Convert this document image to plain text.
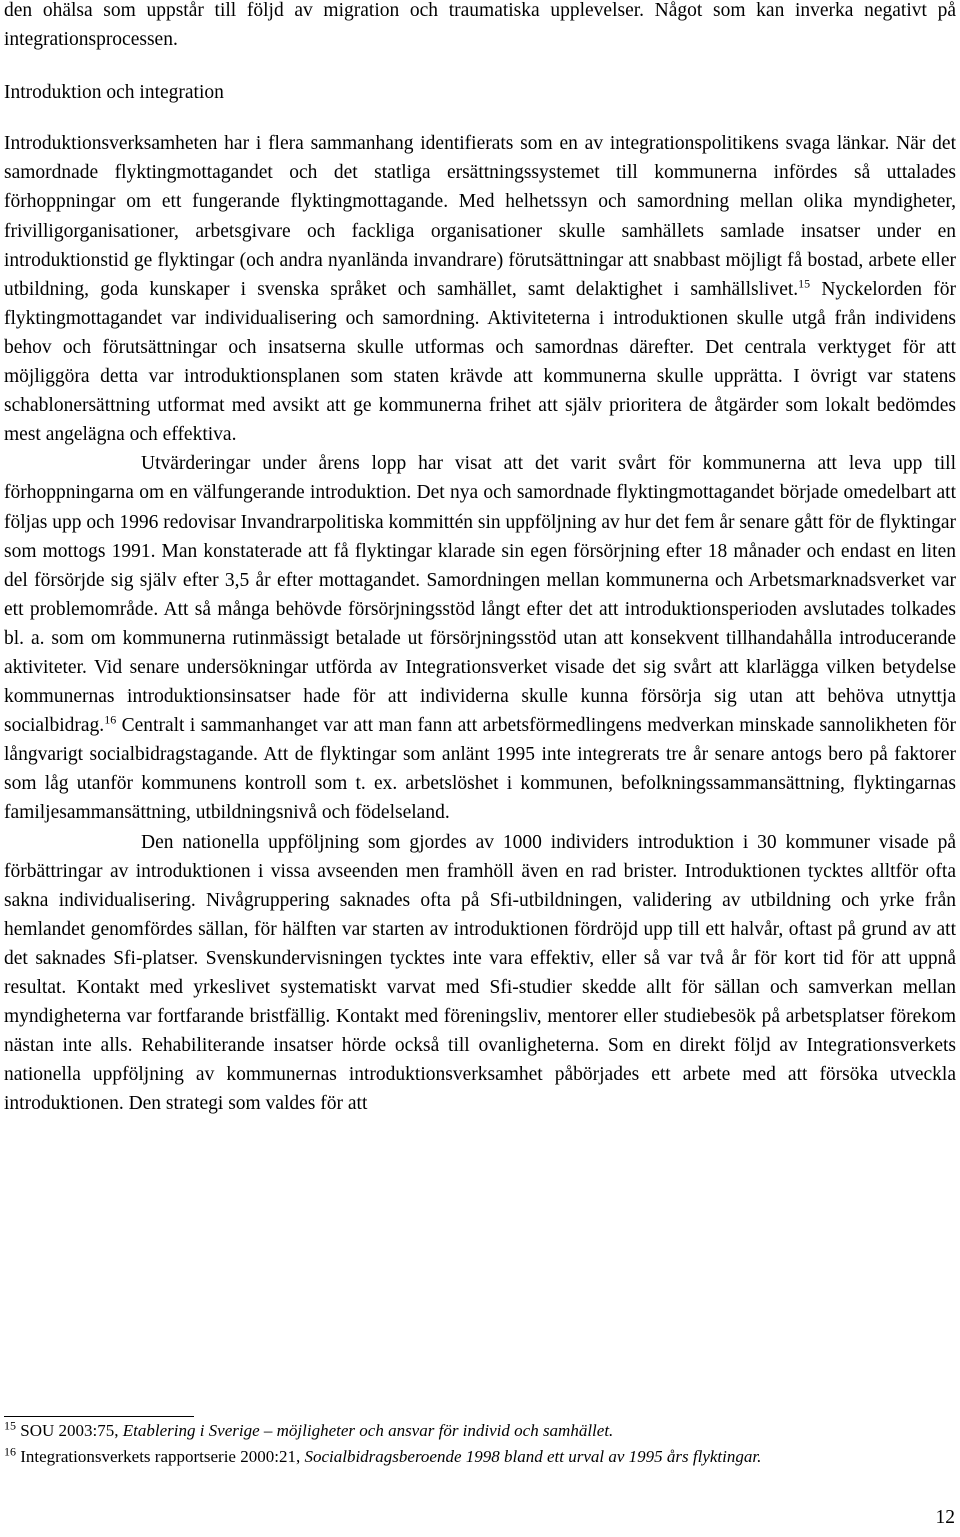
den ohälsa som uppstår till följd av migration och traumatiska upplevelser. Något som kan inverka negativt på integrationsprocessen.

Introduktion och integration

Introduktionsverksamheten har i flera sammanhang identifierats som en av integrationspolitikens svaga länkar. När det samordnade flyktingmottagandet och det statliga ersättningssystemet till kommunerna infördes så uttalades förhoppningar om ett fungerande flyktingmottagande. Med helhetssyn och samordning mellan olika myndigheter, frivilligorganisationer, arbetsgivare och fackliga organisationer skulle samhällets samlade insatser under en introduktionstid ge flyktingar (och andra nyanlända invandrare) förutsättningar att snabbast möjligt få bostad, arbete eller utbildning, goda kunskaper i svenska språket och samhället, samt delaktighet i samhällslivet.$^{15}$ Nyckelorden för flyktingmottagandet var individualisering och samordning. Aktiviteterna i introduktionen skulle utgå från individens behov och förutsättningar och insatserna skulle utformas och samordnas därefter. Det centrala verktyget för att möjliggöra detta var introduktionsplanen som staten krävde att kommunerna skulle upprätta. I övrigt var statens schablonersättning utformat med avsikt att ge kommunerna frihet att själv prioritera de åtgärder som lokalt bedömdes mest angelägna och effektiva.

Utvärderingar under årens lopp har visat att det varit svårt för kommunerna att leva upp till förhoppningarna om en välfungerande introduktion. Det nya och samordnade flyktingmottagandet började omedelbart att följas upp och 1996 redovisar Invandrarpolitiska kommittén sin uppföljning av hur det fem år senare gått för de flyktingar som mottogs 1991. Man konstaterade att få flyktingar klarade sin egen försörjning efter 18 månader och endast en liten del försörjde sig själv efter 3,5 år efter mottagandet. Samordningen mellan kommunerna och Arbetsmarknadsverket var ett problemområde. Att så många behövde försörjningsstöd långt efter det att introduktionsperioden avslutades tolkades bl. a. som om kommunerna rutinmässigt betalade ut försörjningsstöd utan att konsekvent tillhandahålla introducerande aktiviteter. Vid senare undersökningar utförda av Integrationsverket visade det sig svårt att klarlägga vilken betydelse kommunernas introduktionsinsatser hade för att individerna skulle kunna försörja sig utan att behöva utnyttja socialbidrag.$^{16}$ Centralt i sammanhanget var att man fann att arbetsförmedlingens medverkan minskade sannolikheten för långvarigt socialbidragstagande. Att de flyktingar som anlänt 1995 inte integrerats tre år senare antogs bero på faktorer som låg utanför kommunens kontroll som t. ex. arbetslöshet i kommunen, befolkningssammansättning, flyktingarnas familjesammansättning, utbildningsnivå och födelseland.

Den nationella uppföljning som gjordes av 1000 individers introduktion i 30 kommuner visade på förbättringar av introduktionen i vissa avseenden men framhöll även en rad brister. Introduktionen tycktes alltför ofta sakna individualisering. Nivågruppering saknades ofta på Sfi-utbildningen, validering av utbildning och yrke från hemlandet genomfördes sällan, för hälften var starten av introduktionen fördröjd upp till ett halvår, oftast på grund av att det saknades Sfi-platser. Svenskundervisningen tycktes inte vara effektiv, eller så var två år för kort tid för att uppnå resultat. Kontakt med yrkeslivet systematiskt varvat med Sfi-studier skedde allt för sällan och samverkan mellan myndigheterna var fortfarande bristfällig. Kontakt med föreningsliv, mentorer eller studiebesök på arbetsplatser förekom nästan inte alls. Rehabiliterande insatser hörde också till ovanligheterna. Som en direkt följd av Integrationsverkets nationella uppföljning av kommunernas introduktionsverksamhet påbörjades ett arbete med att försöka utveckla introduktionen. Den strategi som valdes för att

$^{15}$ SOU 2003:75, Etablering i Sverige – möjligheter och ansvar för individ och samhället.
$^{16}$ Integrationsverkets rapportserie 2000:21, Socialbidragsberoende 1998 bland ett urval av 1995 års flyktingar.
12
